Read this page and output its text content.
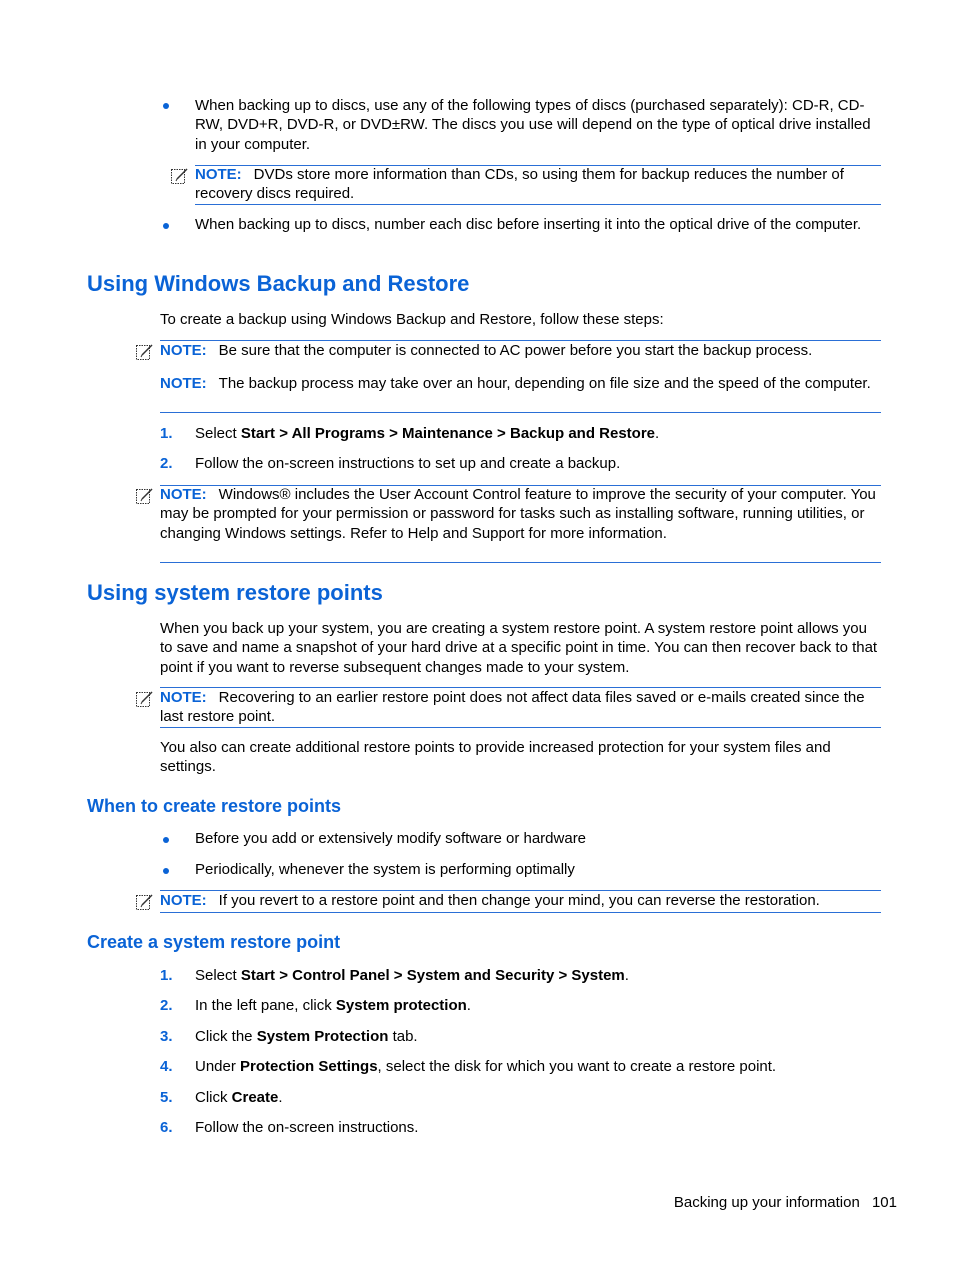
When backing up to discs, use any of the following types of discs (purchased separately): CD-R, CD-RW, DVD+R, DVD-R, or DVD±RW. The discs you use will depend on the type of optical drive installed in your computer.
NOTE: DVDs store more information than CDs, so using them for backup reduces the number of recovery discs required.
When backing up to discs, number each disc before inserting it into the optical drive of the computer.
Using Windows Backup and Restore
To create a backup using Windows Backup and Restore, follow these steps:
NOTE: Be sure that the computer is connected to AC power before you start the backup process.
NOTE: The backup process may take over an hour, depending on file size and the speed of the computer.
1. Select Start > All Programs > Maintenance > Backup and Restore.
2. Follow the on-screen instructions to set up and create a backup.
NOTE: Windows® includes the User Account Control feature to improve the security of your computer. You may be prompted for your permission or password for tasks such as installing software, running utilities, or changing Windows settings. Refer to Help and Support for more information.
Using system restore points
When you back up your system, you are creating a system restore point. A system restore point allows you to save and name a snapshot of your hard drive at a specific point in time. You can then recover back to that point if you want to reverse subsequent changes made to your system.
NOTE: Recovering to an earlier restore point does not affect data files saved or e-mails created since the last restore point.
You also can create additional restore points to provide increased protection for your system files and settings.
When to create restore points
Before you add or extensively modify software or hardware
Periodically, whenever the system is performing optimally
NOTE: If you revert to a restore point and then change your mind, you can reverse the restoration.
Create a system restore point
1. Select Start > Control Panel > System and Security > System.
2. In the left pane, click System protection.
3. Click the System Protection tab.
4. Under Protection Settings, select the disk for which you want to create a restore point.
5. Click Create.
6. Follow the on-screen instructions.
Backing up your information 101
